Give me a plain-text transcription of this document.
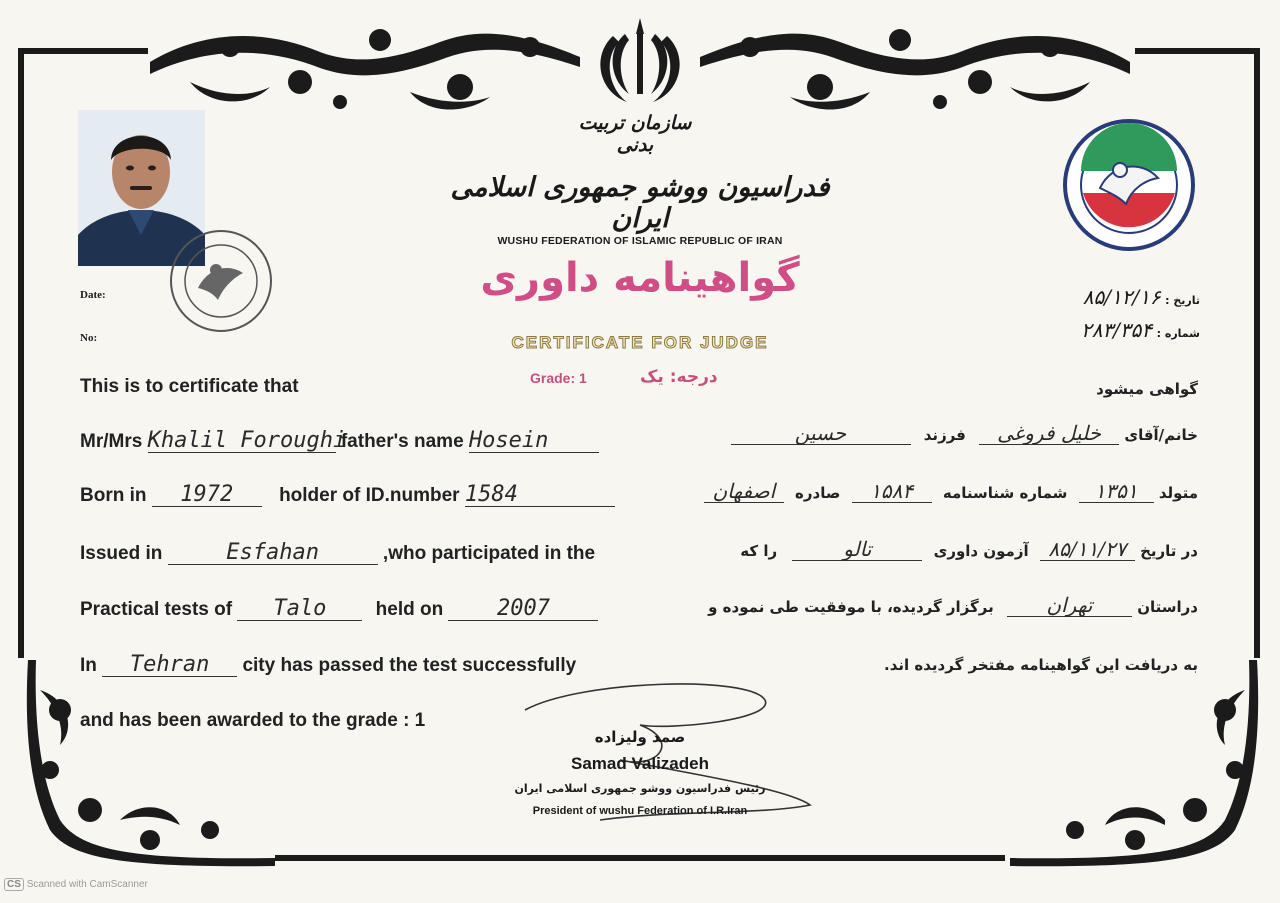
سازمان تربیت بدنی
فدراسیون ووشو جمهوری اسلامی ایران
WUSHU FEDERATION OF ISLAMIC REPUBLIC OF IRAN
گواهینامه داوری
CERTIFICATE FOR JUDGE
Grade: 1	درجه: یک
Date:
No:
تاریخ : ۸۵/۱۲/۱۶
شماره : ۲۸۳/۳۵۴
This is to certificate that
Mr/Mrs Khalil Foroughi father's name Hosein
Born in 1972 holder of ID.number 1584
Issued in	Esfahan	,who participated in the
Practical tests of Talo	held on 2007
In Tehran city has passed the test successfully
and has been awarded to the grade : 1
گواهی میشود
خانم/آقای خلیل فروغی فرزند حسین
متولد ۱۳۵۱ شماره شناسنامه ۱۵۸۴ صادره اصفهان
در تاریخ ۸۵/۱۱/۲۷ آزمون داوری تالو را که
دراستان تهران برگزار گردیده، با موفقیت طی نموده و
به دریافت این گواهینامه مفتخر گردیده اند.
صمد ولیزاده
Samad Valizadeh
رئیس فدراسیون ووشو جمهوری اسلامی ایران
President of wushu Federation of I.R.Iran
CS Scanned with CamScanner
